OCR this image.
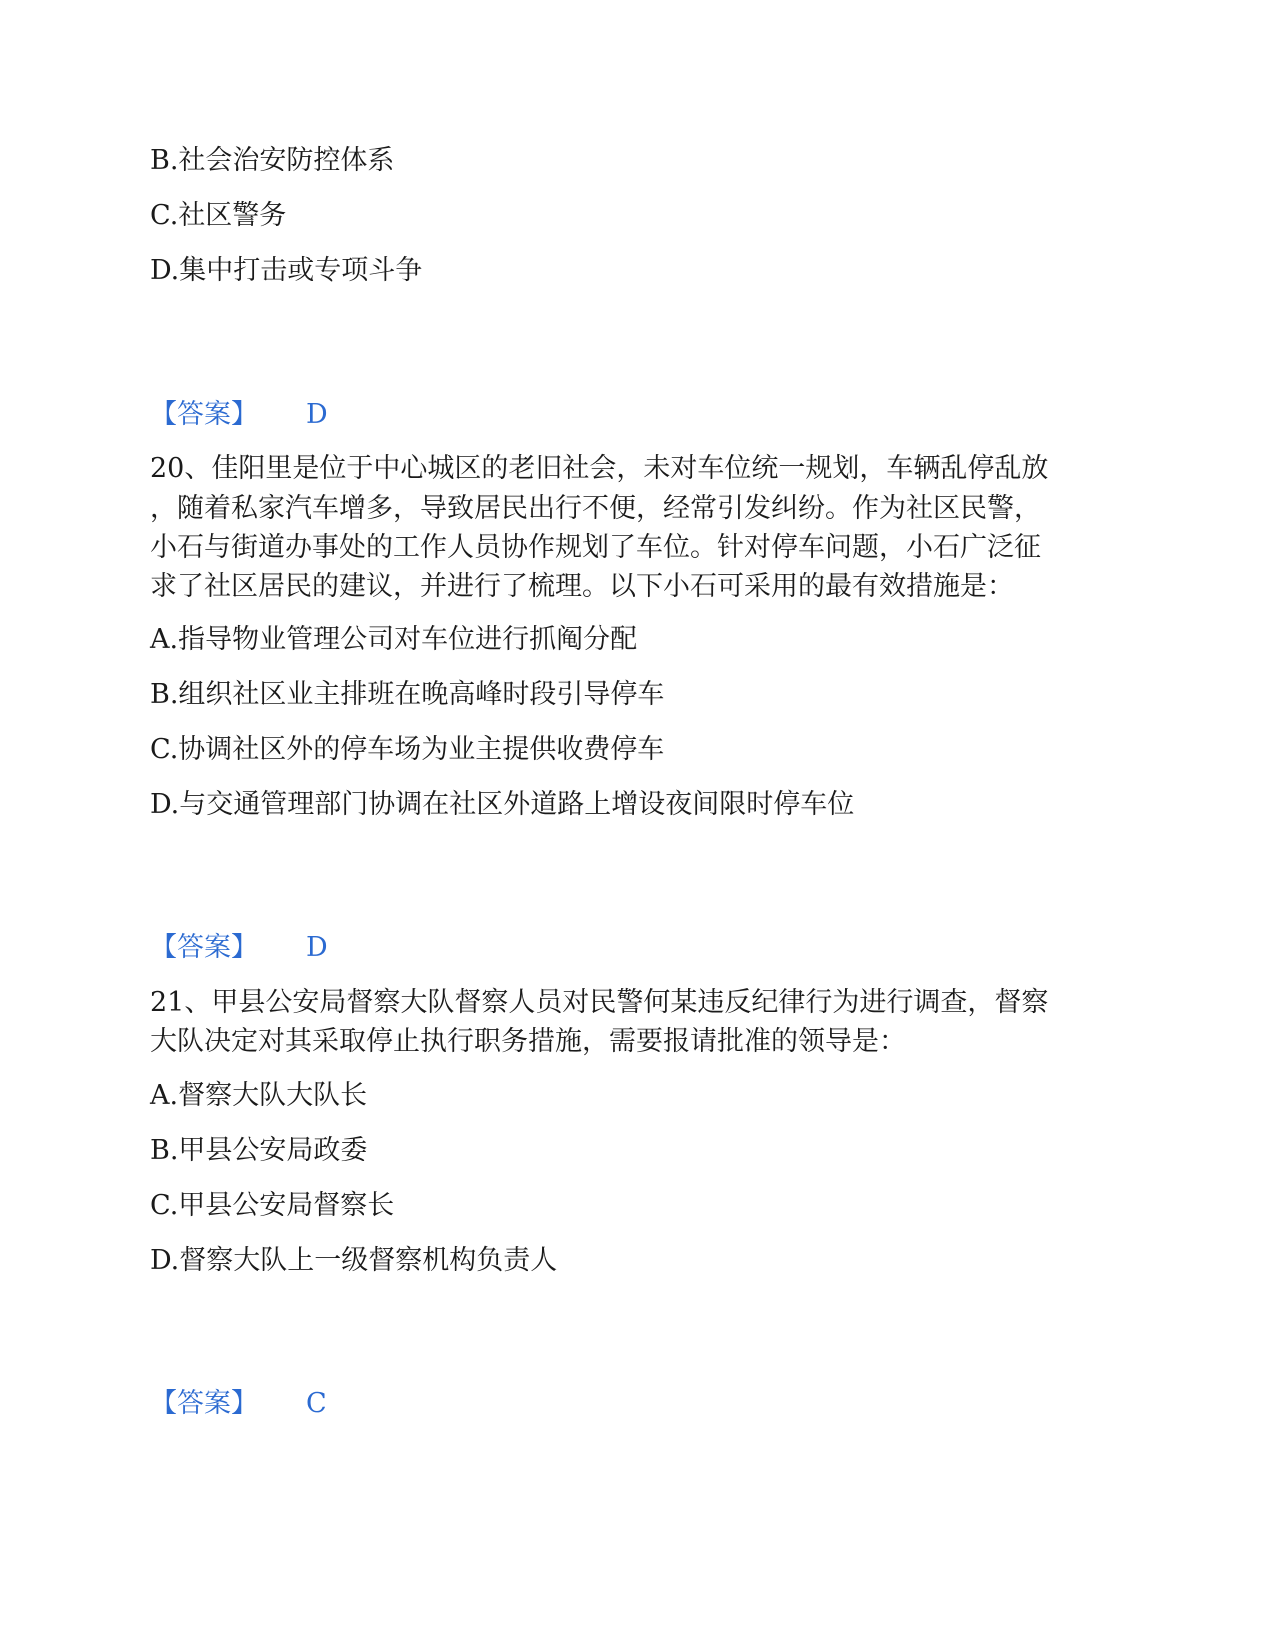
B.社会治安防控体系
C.社区警务
D.集中打击或专项斗争
【答案】 D
20、佳阳里是位于中心城区的老旧社会，未对车位统一规划，车辆乱停乱放
，随着私家汽车增多，导致居民出行不便，经常引发纠纷。作为社区民警，
小石与街道办事处的工作人员协作规划了车位。针对停车问题，小石广泛征
求了社区居民的建议，并进行了梳理。以下小石可采用的最有效措施是：
A.指导物业管理公司对车位进行抓阄分配
B.组织社区业主排班在晚高峰时段引导停车
C.协调社区外的停车场为业主提供收费停车
D.与交通管理部门协调在社区外道路上增设夜间限时停车位
【答案】 D
21、甲县公安局督察大队督察人员对民警何某违反纪律行为进行调查，督察
大队决定对其采取停止执行职务措施，需要报请批准的领导是：
A.督察大队大队长
B.甲县公安局政委
C.甲县公安局督察长
D.督察大队上一级督察机构负责人
【答案】 C
